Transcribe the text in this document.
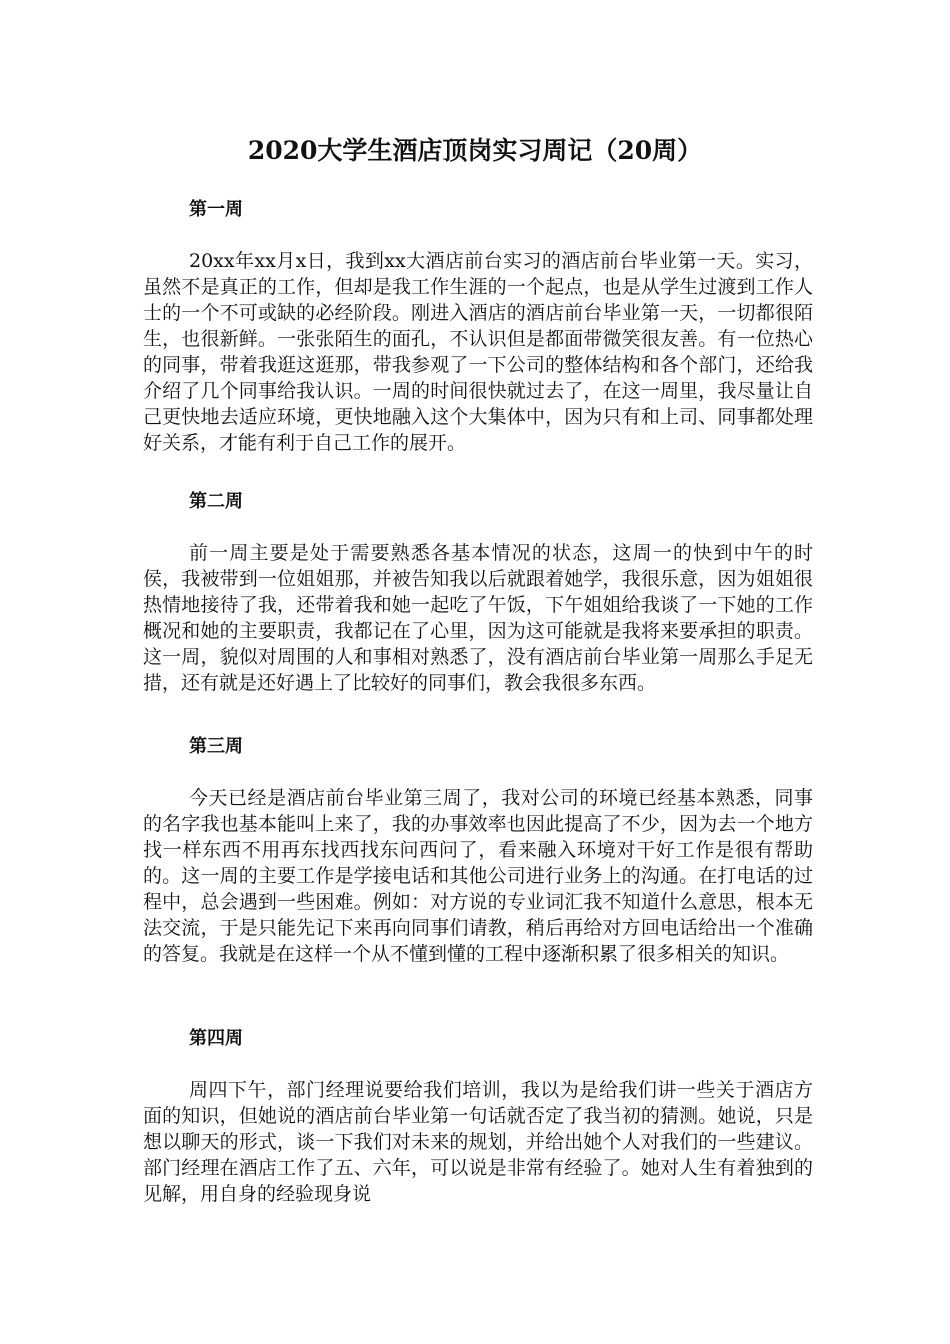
2020大学生酒店顶岗实习周记（20周）

第一周

20xx年xx月x日，我到xx大酒店前台实习的酒店前台毕业第一天。实习，虽然不是真正的工作，但却是我工作生涯的一个起点，也是从学生过渡到工作人士的一个不可或缺的必经阶段。刚进入酒店的酒店前台毕业第一天，一切都很陌生，也很新鲜。一张张陌生的面孔，不认识但是都面带微笑很友善。有一位热心的同事，带着我逛这逛那，带我参观了一下公司的整体结构和各个部门，还给我介绍了几个同事给我认识。一周的时间很快就过去了，在这一周里，我尽量让自己更快地去适应环境，更快地融入这个大集体中，因为只有和上司、同事都处理好关系，才能有利于自己工作的展开。

第二周

前一周主要是处于需要熟悉各基本情况的状态，这周一的快到中午的时侯，我被带到一位姐姐那，并被告知我以后就跟着她学，我很乐意，因为姐姐很热情地接待了我，还带着我和她一起吃了午饭，下午姐姐给我谈了一下她的工作概况和她的主要职责，我都记在了心里，因为这可能就是我将来要承担的职责。这一周，貌似对周围的人和事相对熟悉了，没有酒店前台毕业第一周那么手足无措，还有就是还好遇上了比较好的同事们，教会我很多东西。

第三周

今天已经是酒店前台毕业第三周了，我对公司的环境已经基本熟悉，同事的名字我也基本能叫上来了，我的办事效率也因此提高了不少，因为去一个地方找一样东西不用再东找西找东问西问了，看来融入环境对干好工作是很有帮助的。这一周的主要工作是学接电话和其他公司进行业务上的沟通。在打电话的过程中，总会遇到一些困难。例如：对方说的专业词汇我不知道什么意思，根本无法交流，于是只能先记下来再向同事们请教，稍后再给对方回电话给出一个准确的答复。我就是在这样一个从不懂到懂的工程中逐渐积累了很多相关的知识。

第四周

周四下午，部门经理说要给我们培训，我以为是给我们讲一些关于酒店方面的知识，但她说的酒店前台毕业第一句话就否定了我当初的猜测。她说，只是想以聊天的形式，谈一下我们对未来的规划，并给出她个人对我们的一些建议。部门经理在酒店工作了五、六年，可以说是非常有经验了。她对人生有着独到的见解，用自身的经验现身说
